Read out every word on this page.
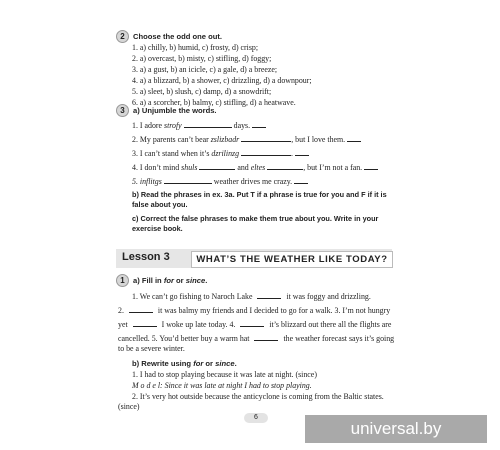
2	Choose the odd one out.
1. a) chilly, b) humid, c) frosty, d) crisp;
2. a) overcast, b) misty, c) stifling, d) foggy;
3. a) a gust, b) an icicle, c) a gale, d) a breeze;
4. a) a blizzard, b) a shower, c) drizzling, d) a downpour;
5. a) sleet, b) slush, c) damp, d) a snowdrift;
6. a) a scorcher, b) balmy, c) stifling, d) a heatwave.
3	a) Unjumble the words.
1. I adore strofy	days.
2. My parents can’t bear zslizbadr	, but I love them.
3. I can’t stand when it’s dzrilinzg	.
4. I don’t mind shuls	and eltes	, but I’m not a fan.
5. inflitgs	weather drives me crazy.
b) Read the phrases in ex. 3a. Put T if a phrase is true for you and F if it is false about you.
c) Correct the false phrases to make them true about you. Write in your exercise book.
Lesson 3	WHAT’S THE WEATHER LIKE TODAY?
1	a) Fill in for or since.
1. We can’t go fishing to Naroch Lake	it was foggy and drizzling.
2.	it was balmy my friends and I decided to go for a walk. 3. I’m not hungry
yet	I woke up late today. 4.	it’s blizzard out there all the flights are
cancelled. 5. You’d better buy a warm hat	the weather forecast says it’s going
to be a severe winter.
b) Rewrite using for or since.
1. I had to stop playing because it was late at night. (since)
M o d e l: Since it was late at night I had to stop playing.
2. It’s very hot outside because the anticyclone is coming from the Baltic states.
(since)
6
universal.by
